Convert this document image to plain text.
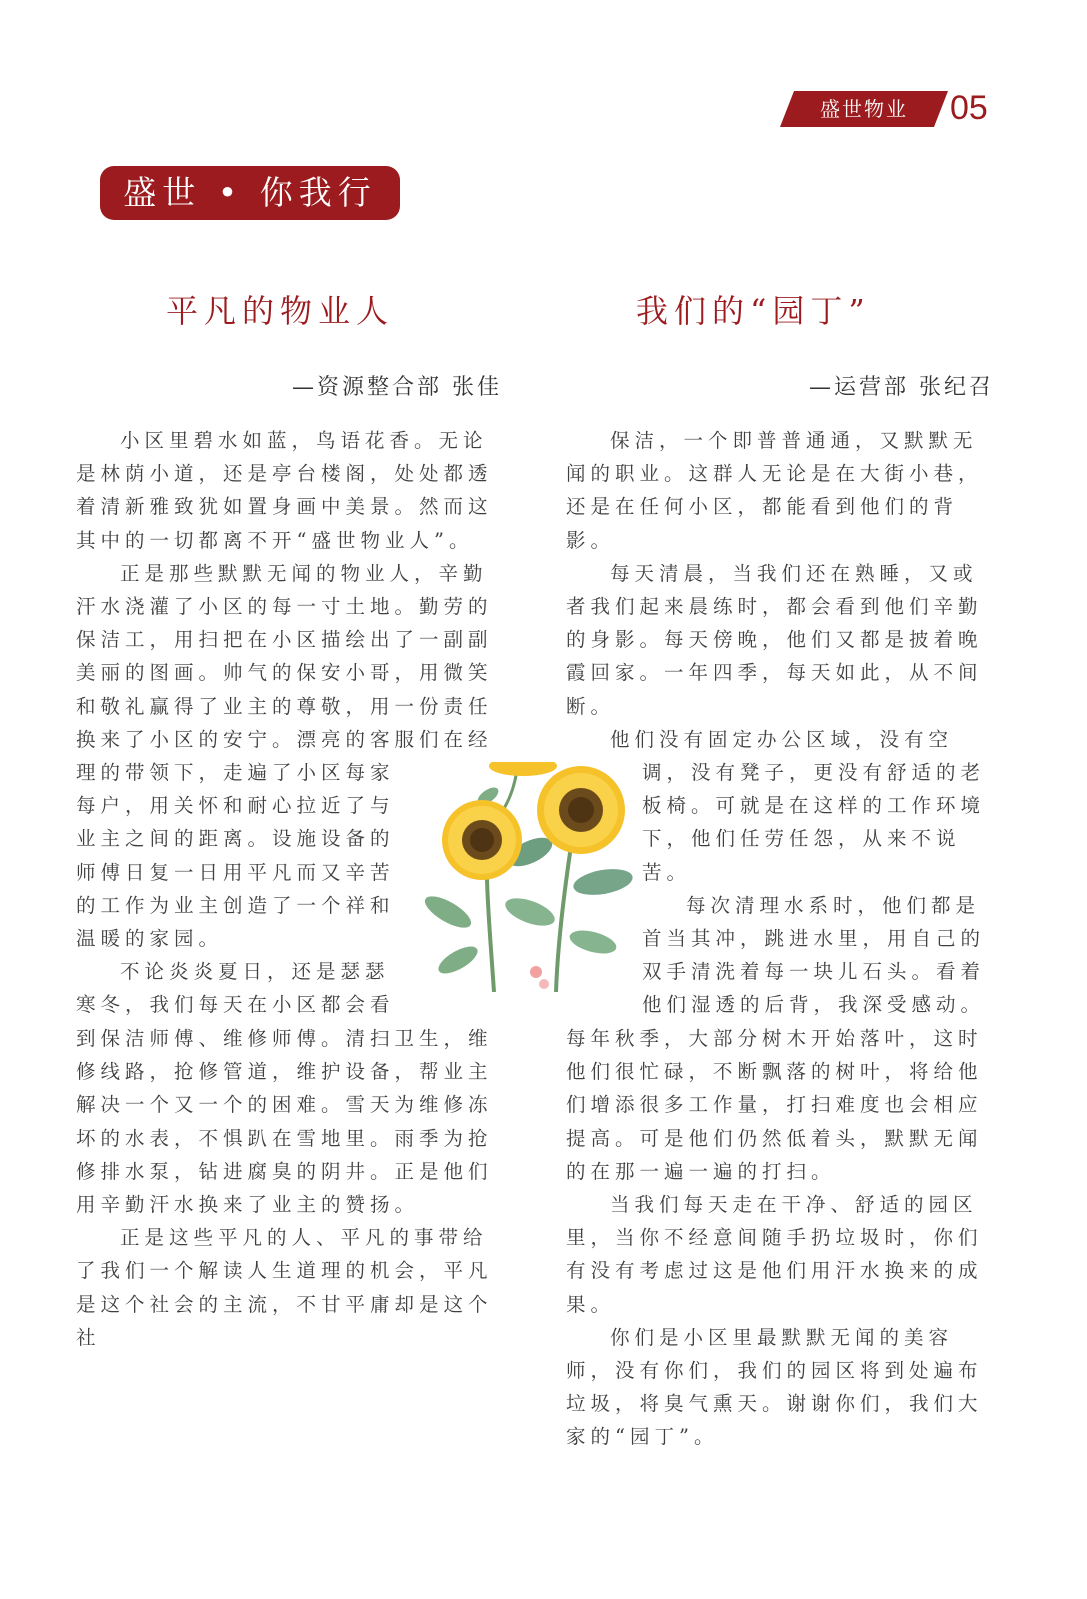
盛世物业	05
盛世 • 你我行
平凡的物业人	我们的“园丁”
—资源整合部 张佳	—运营部 张纪召

小区里碧水如蓝，鸟语花香。无论
是林荫小道，还是亭台楼阁，处处都透
着清新雅致犹如置身画中美景。然而这
其中的一切都离不开“盛世物业人”。
正是那些默默无闻的物业人，辛勤
汗水浇灌了小区的每一寸土地。勤劳的
保洁工，用扫把在小区描绘出了一副副
美丽的图画。帅气的保安小哥，用微笑
和敬礼赢得了业主的尊敬，用一份责任
换来了小区的安宁。漂亮的客服们在经

理的带领下，走遍了小区每家
每户，用关怀和耐心拉近了与
业主之间的距离。设施设备的
师傅日复一日用平凡而又辛苦
的工作为业主创造了一个祥和
温暖的家园。
不论炎炎夏日，还是瑟瑟
寒冬，我们每天在小区都会看

到保洁师傅、维修师傅。清扫卫生，维
修线路，抢修管道，维护设备，帮业主
解决一个又一个的困难。雪天为维修冻
坏的水表，不惧趴在雪地里。雨季为抢
修排水泵，钻进腐臭的阴井。正是他们
用辛勤汗水换来了业主的赞扬。
正是这些平凡的人、平凡的事带给
了我们一个解读人生道理的机会，平凡
是这个社会的主流，不甘平庸却是这个
社

保洁，一个即普普通通，又默默无
闻的职业。这群人无论是在大街小巷，
还是在任何小区，都能看到他们的背
影。
每天清晨，当我们还在熟睡，又或
者我们起来晨练时，都会看到他们辛勤
的身影。每天傍晚，他们又都是披着晚
霞回家。一年四季，每天如此，从不间
断。
他们没有固定办公区域，没有空

调，没有凳子，更没有舒适的老
板椅。可就是在这样的工作环境
下，他们任劳任怨，从来不说
苦。
每次清理水系时，他们都是
首当其冲，跳进水里，用自己的
双手清洗着每一块儿石头。看着
他们湿透的后背，我深受感动。

每年秋季，大部分树木开始落叶，这时
他们很忙碌，不断飘落的树叶，将给他
们增添很多工作量，打扫难度也会相应
提高。可是他们仍然低着头，默默无闻
的在那一遍一遍的打扫。
当我们每天走在干净、舒适的园区
里，当你不经意间随手扔垃圾时，你们
有没有考虑过这是他们用汗水换来的成
果。
你们是小区里最默默无闻的美容
师，没有你们，我们的园区将到处遍布
垃圾，将臭气熏天。谢谢你们，我们大
家的“园丁”。
